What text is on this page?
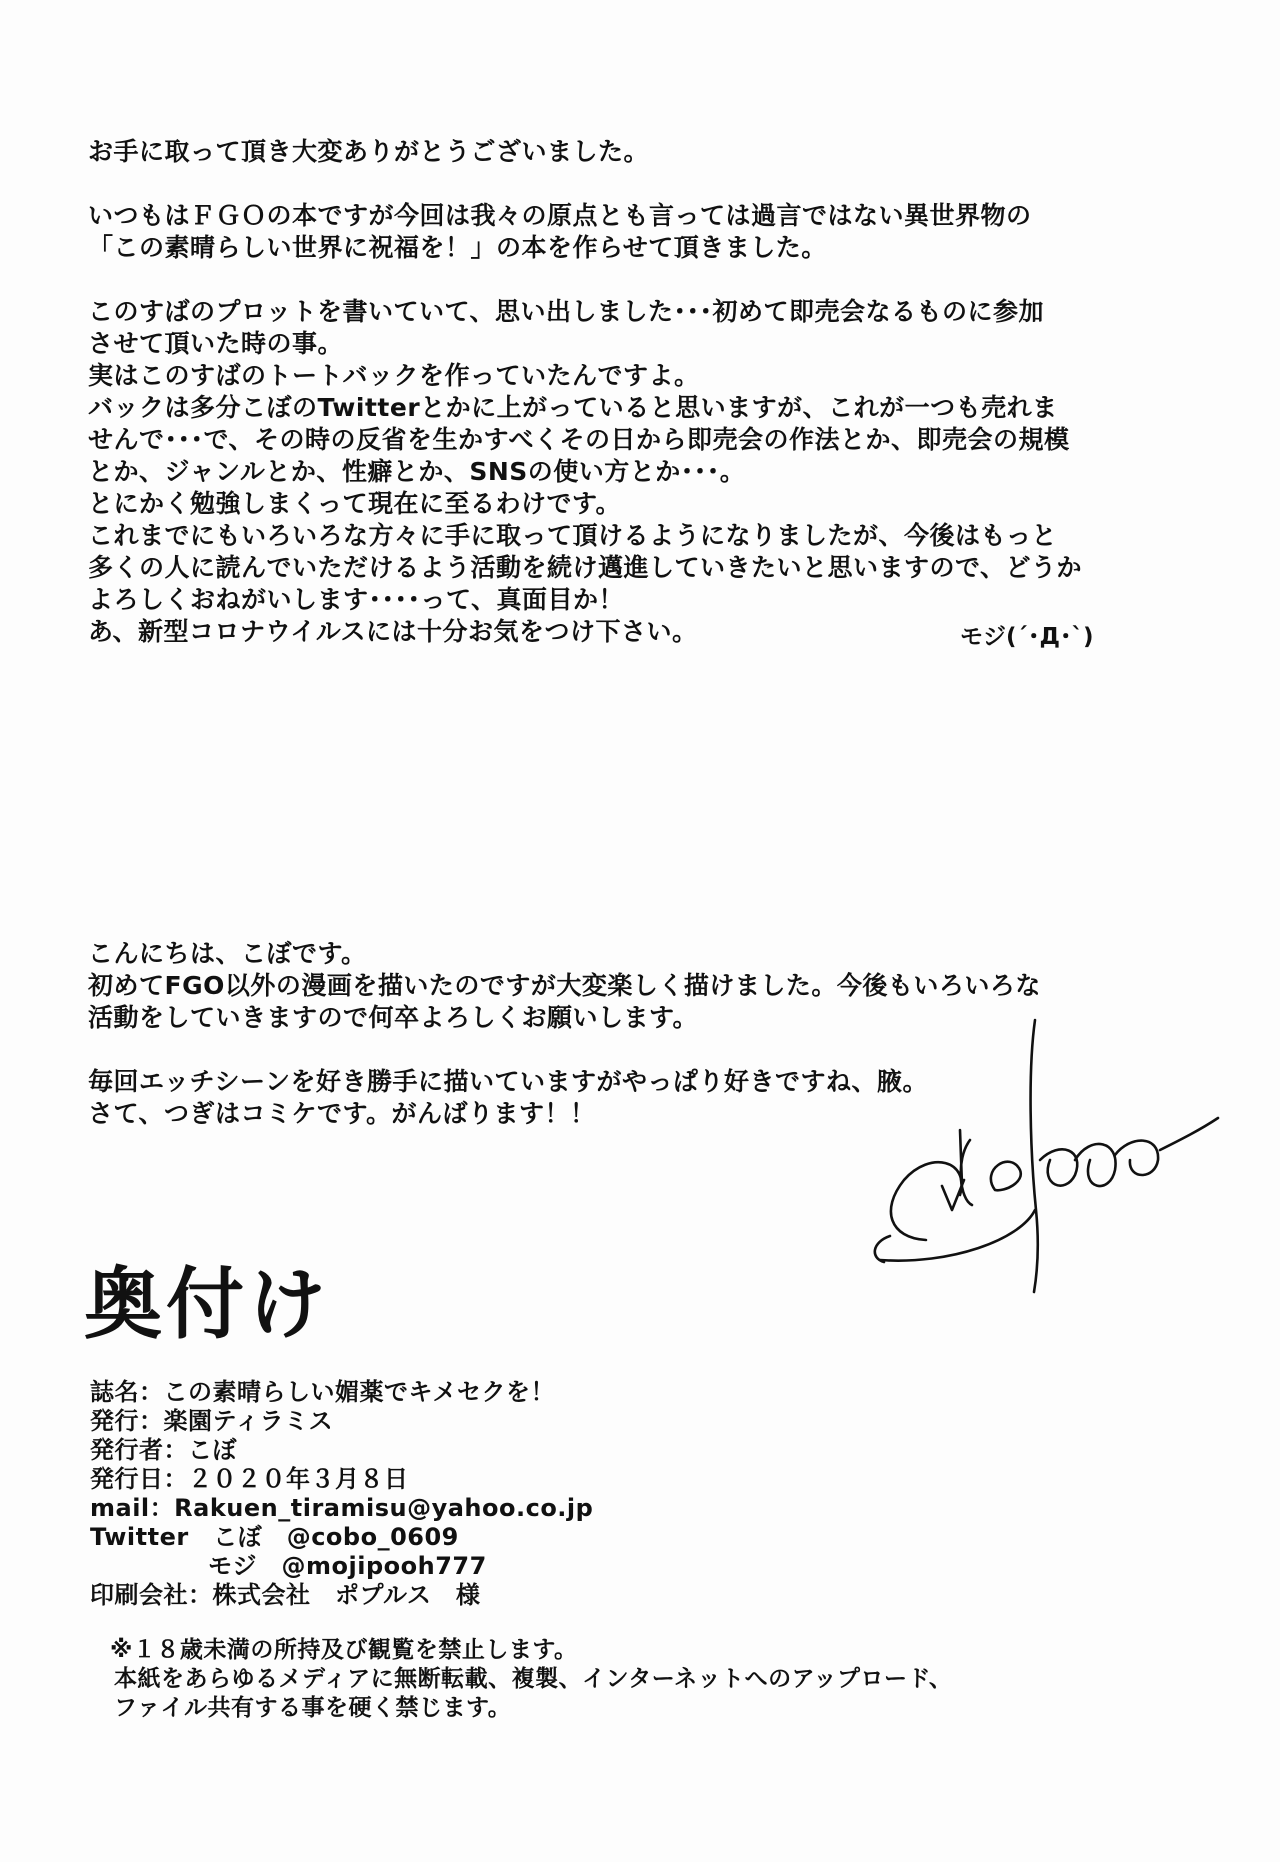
お手に取って頂き大変ありがとうございました。
いつもはＦＧＯの本ですが今回は我々の原点とも言っては過言ではない異世界物の
「この素晴らしい世界に祝福を！」の本を作らせて頂きました。
このすばのプロットを書いていて、思い出しました･･･初めて即売会なるものに参加
させて頂いた時の事。
実はこのすばのトートバックを作っていたんですよ。
バックは多分こぼのTwitterとかに上がっていると思いますが、これが一つも売れま
せんで･･･で、その時の反省を生かすべくその日から即売会の作法とか、即売会の規模
とか、ジャンルとか、性癖とか、SNSの使い方とか･･･。
とにかく勉強しまくって現在に至るわけです。
これまでにもいろいろな方々に手に取って頂けるようになりましたが、今後はもっと
多くの人に読んでいただけるよう活動を続け邁進していきたいと思いますので、どうか
よろしくおねがいします････って、真面目か！
あ、新型コロナウイルスには十分お気をつけ下さい。	モジ(´･Д･`)
こんにちは、こぼです。
初めてFGO以外の漫画を描いたのですが大変楽しく描けました。今後もいろいろな
活動をしていきますので何卒よろしくお願いします。
毎回エッチシーンを好き勝手に描いていますがやっぱり好きですね、腋。
さて、つぎはコミケです。がんばります！！
奥付け
誌名：この素晴らしい媚薬でキメセクを！
発行：楽園ティラミス
発行者：こぼ
発行日：２０２０年３月８日
mail：Rakuen_tiramisu@yahoo.co.jp
Twitter　こぼ　@cobo_0609
モジ　@mojipooh777
印刷会社：株式会社　ポプルス　様
※１８歳未満の所持及び観覧を禁止します。
本紙をあらゆるメディアに無断転載、複製、インターネットへのアップロード、
ファイル共有する事を硬く禁じます。
